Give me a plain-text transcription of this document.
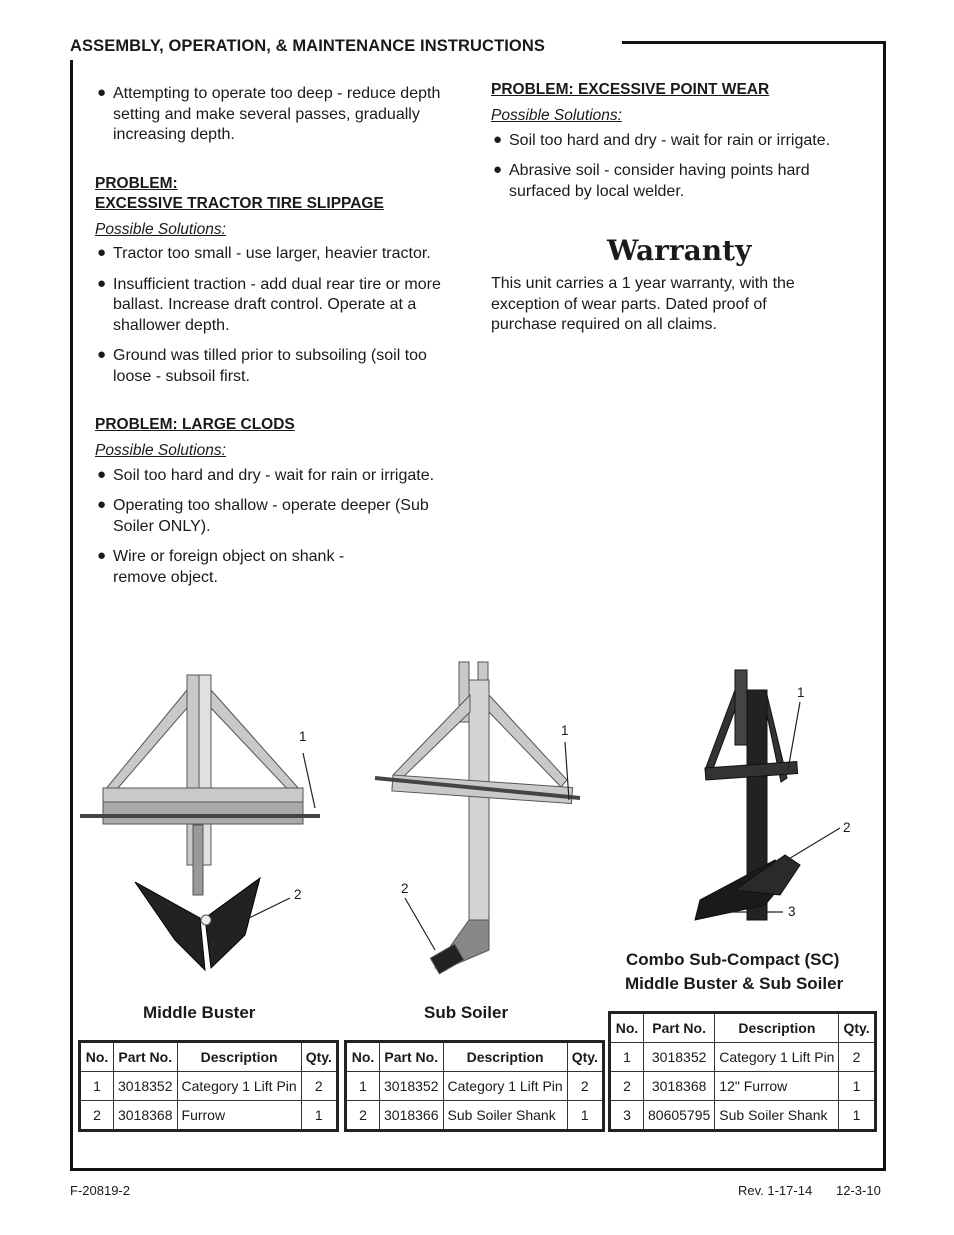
ASSEMBLY, OPERATION, & MAINTENANCE INSTRUCTIONS
● Attempting to operate too deep - reduce depth setting and make several passes, gradually increasing depth.

PROBLEM:

EXCESSIVE TRACTOR TIRE SLIPPAGE

Possible Solutions:

● Tractor too small - use larger, heavier tractor.
● Insufficient traction - add dual rear tire or more ballast. Increase draft control. Operate at a shallower depth.
● Ground was tilled prior to subsoiling (soil too loose - subsoil first.

PROBLEM: LARGE CLODS

Possible Solutions:

● Soil too hard and dry - wait for rain or irrigate.
● Operating too shallow - operate deeper (Sub Soiler ONLY).
● Wire or foreign object on shank - remove object.

PROBLEM: EXCESSIVE POINT WEAR

Possible Solutions:

● Soil too hard and dry - wait for rain or irrigate.
● Abrasive soil - consider having points hard surfaced by local welder.
Warranty
This unit carries a 1 year warranty, with the exception of wear parts. Dated proof of purchase required on all claims.
1
2
1
2
1
2
3
Middle Buster	Sub Soiler
Combo Sub-Compact (SC)
Middle Buster & Sub Soiler
No.	Part No.	Description	Qty.
1	3018352	Category 1 Lift Pin	2
2	3018368	Furrow	1
No.	Part No.	Description	Qty.
1	3018352	Category 1 Lift Pin	2
2	3018366	Sub Soiler Shank	1
No.	Part No.	Description	Qty.
1	3018352	Category 1 Lift Pin	2
2	3018368	12" Furrow	1
3	80605795	Sub Soiler Shank	1
F-20819-2	Rev. 1-17-14 12-3-10
